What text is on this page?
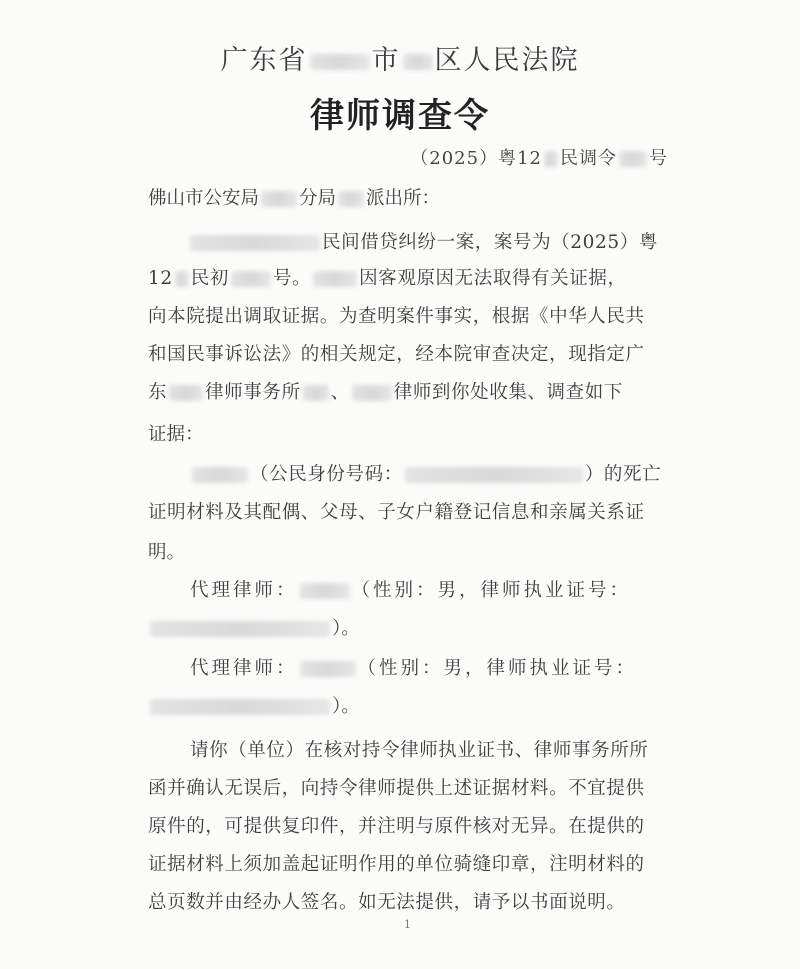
广东省 市 区人民法院
律师调查令
（2025）粤12 民调令 号
佛山市公安局 分局 派出所：
民间借贷纠纷一案，案号为（2025）粤
12 民初 号。	因客观原因无法取得有关证据，
向本院提出调取证据。为查明案件事实，根据《中华人民共
和国民事诉讼法》的相关规定，经本院审查决定，现指定广
东 律师事务所 、 律师到你处收集、调查如下
证据：
（公民身份号码：	）的死亡
证明材料及其配偶、父母、子女户籍登记信息和亲属关系证
明。
代理律师：	（性别：男，律师执业证号：
）。
代理律师：	（性别：男，律师执业证号：
）。
请你（单位）在核对持令律师执业证书、律师事务所所
函并确认无误后，向持令律师提供上述证据材料。不宜提供
原件的，可提供复印件，并注明与原件核对无异。在提供的
证据材料上须加盖起证明作用的单位骑缝印章，注明材料的
总页数并由经办人签名。如无法提供，请予以书面说明。
1
